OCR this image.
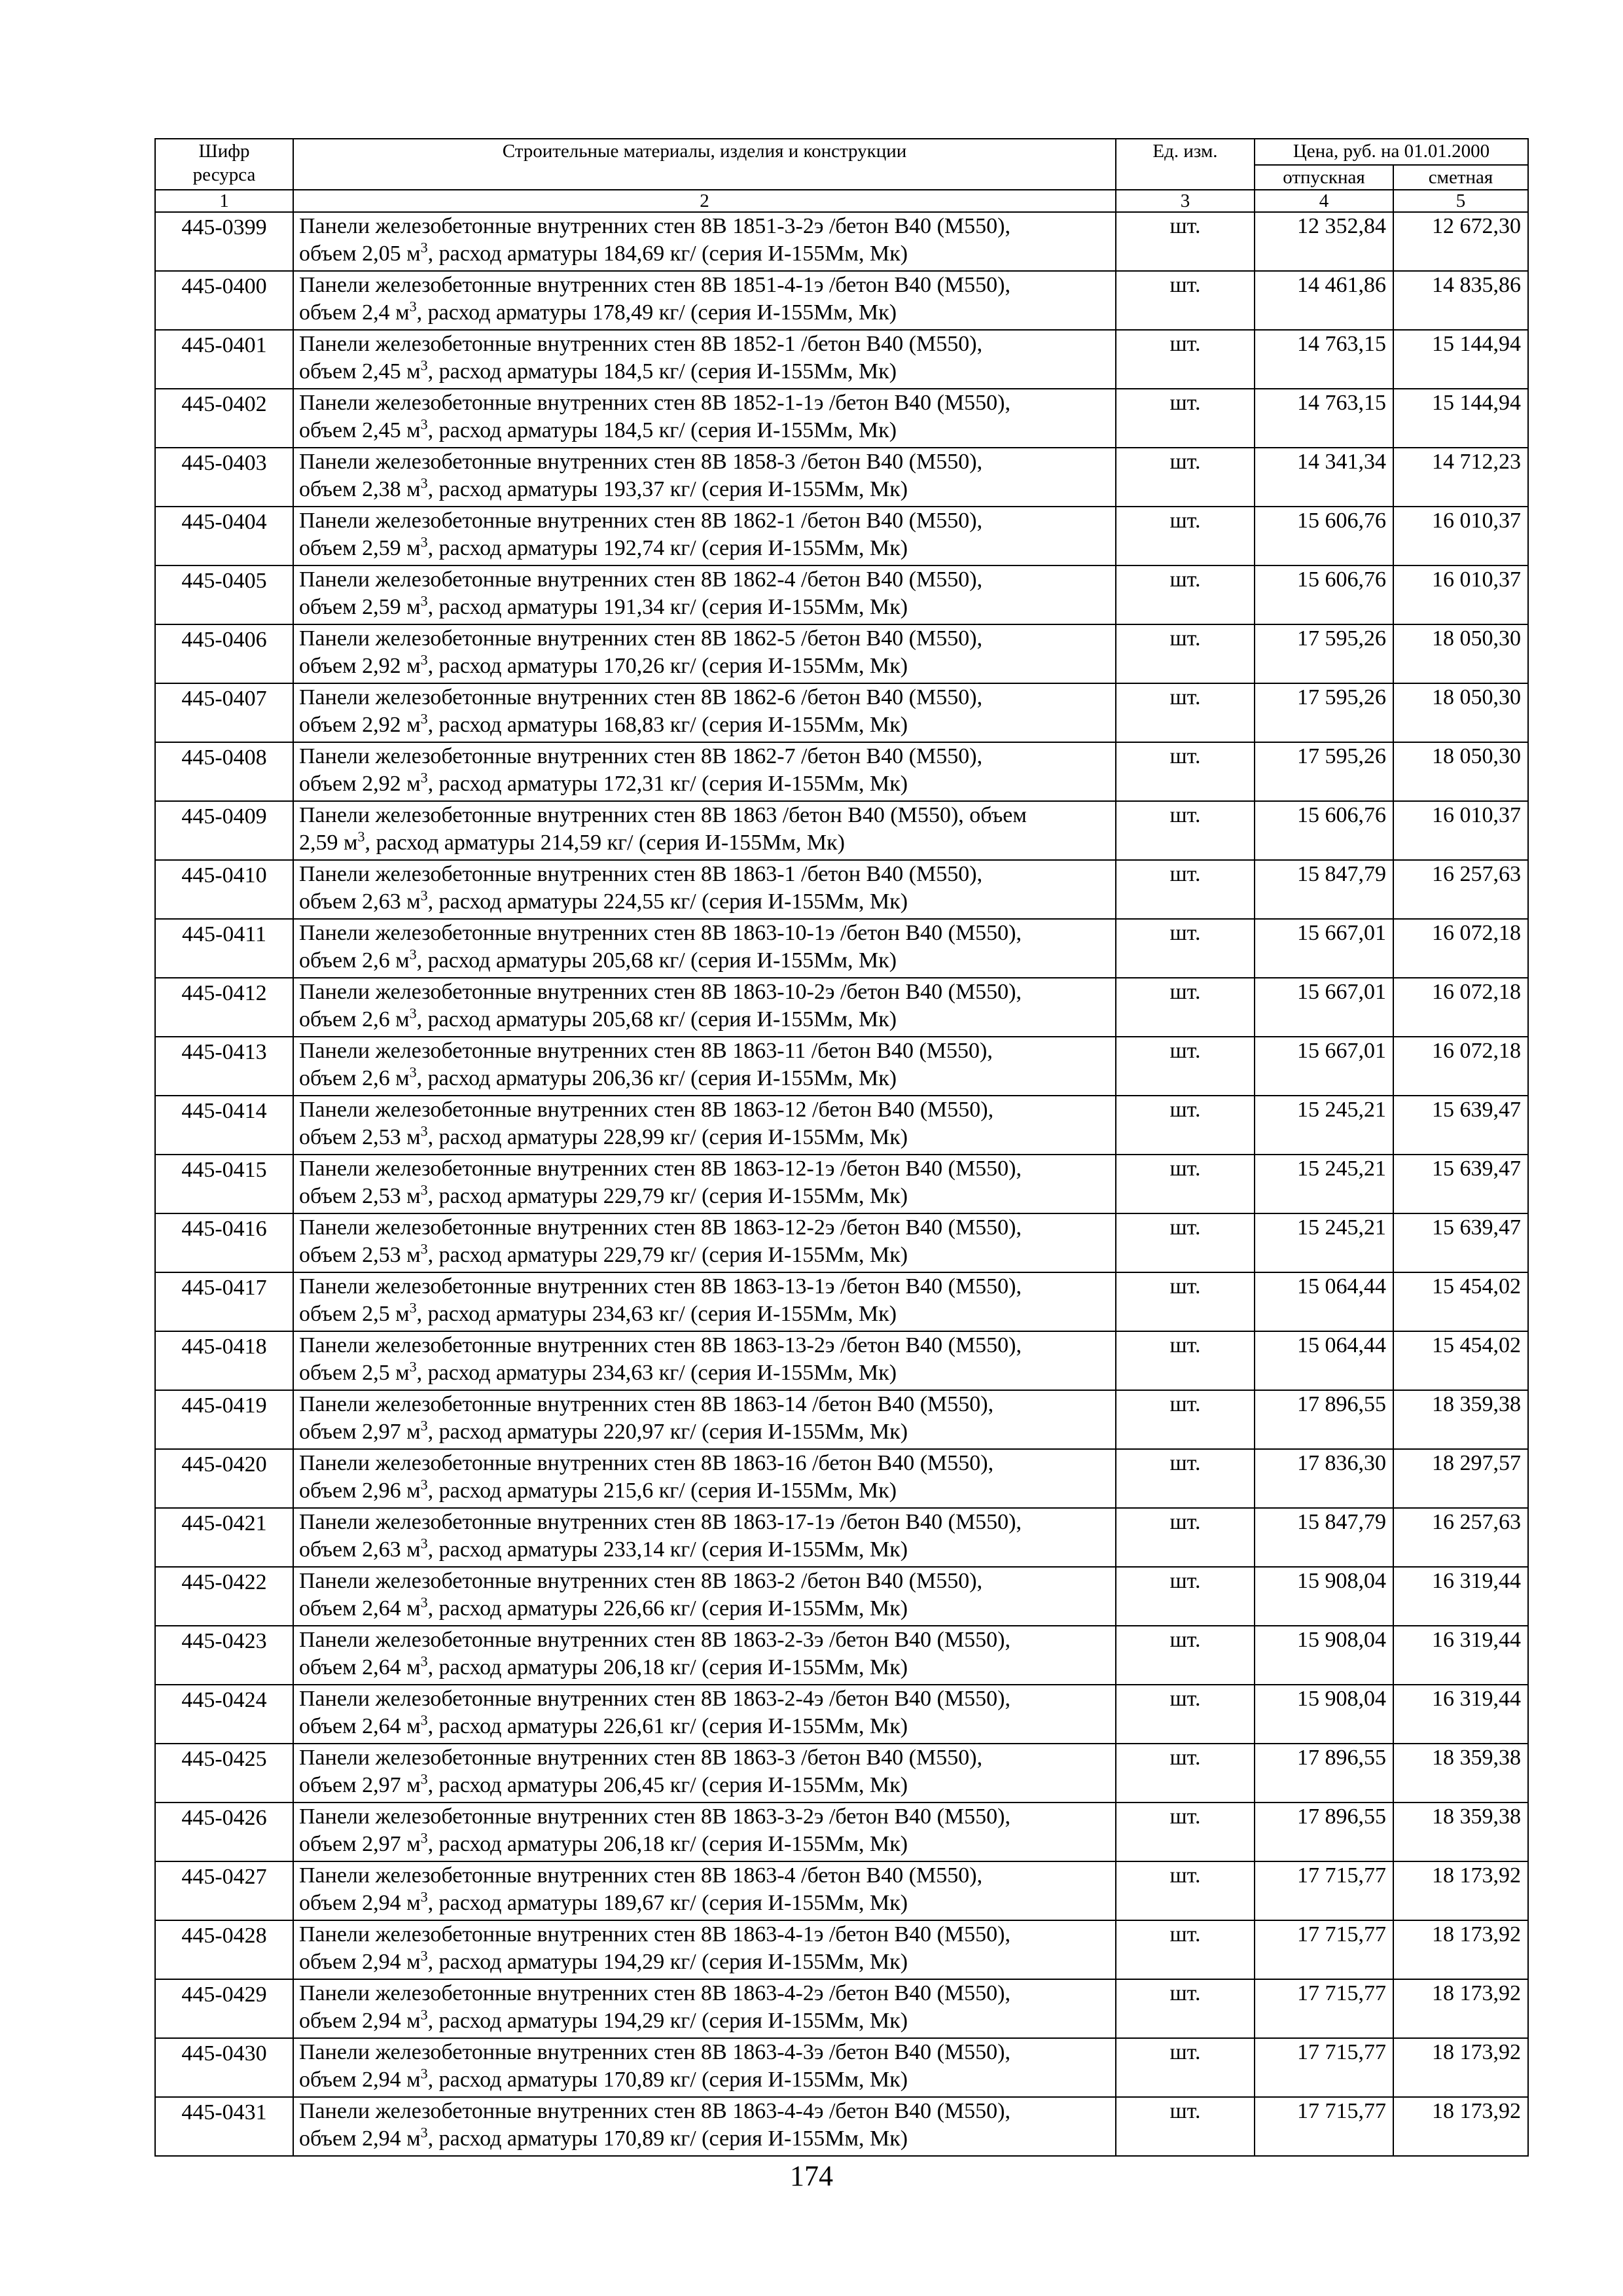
Шифр ресурса	Строительные материалы, изделия и конструкции	Ед. изм.	Цена, руб. на 01.01.2000	
			отпускная	сметная
1	2	3	4	5
445-0399	Панели железобетонные внутренних стен 8В 1851-3-2э /бетон В40 (М550),
объем 2,05 $м^3$, расход арматуры 184,69 кг/ (серия И-155Мм, Мк)	шт.	12 352,84	12 672,30
445-0400	Панели железобетонные внутренних стен 8В 1851-4-1э /бетон В40 (М550),
объем 2,4 $м^3$, расход арматуры 178,49 кг/ (серия И-155Мм, Мк)	шт.	14 461,86	14 835,86
445-0401	Панели железобетонные внутренних стен 8В 1852-1 /бетон В40 (М550),
объем 2,45 $м^3$, расход арматуры 184,5 кг/ (серия И-155Мм, Мк)	шт.	14 763,15	15 144,94
445-0402	Панели железобетонные внутренних стен 8В 1852-1-1э /бетон В40 (М550),
объем 2,45 $м^3$, расход арматуры 184,5 кг/ (серия И-155Мм, Мк)	шт.	14 763,15	15 144,94
445-0403	Панели железобетонные внутренних стен 8В 1858-3 /бетон В40 (М550),
объем 2,38 $м^3$, расход арматуры 193,37 кг/ (серия И-155Мм, Мк)	шт.	14 341,34	14 712,23
445-0404	Панели железобетонные внутренних стен 8В 1862-1 /бетон В40 (М550),
объем 2,59 $м^3$, расход арматуры 192,74 кг/ (серия И-155Мм, Мк)	шт.	15 606,76	16 010,37
445-0405	Панели железобетонные внутренних стен 8В 1862-4 /бетон В40 (М550),
объем 2,59 $м^3$, расход арматуры 191,34 кг/ (серия И-155Мм, Мк)	шт.	15 606,76	16 010,37
445-0406	Панели железобетонные внутренних стен 8В 1862-5 /бетон В40 (М550),
объем 2,92 $м^3$, расход арматуры 170,26 кг/ (серия И-155Мм, Мк)	шт.	17 595,26	18 050,30
445-0407	Панели железобетонные внутренних стен 8В 1862-6 /бетон В40 (М550),
объем 2,92 $м^3$, расход арматуры 168,83 кг/ (серия И-155Мм, Мк)	шт.	17 595,26	18 050,30
445-0408	Панели железобетонные внутренних стен 8В 1862-7 /бетон В40 (М550),
объем 2,92 $м^3$, расход арматуры 172,31 кг/ (серия И-155Мм, Мк)	шт.	17 595,26	18 050,30
445-0409	Панели железобетонные внутренних стен 8В 1863 /бетон В40 (М550), объем
2,59 $м^3$, расход арматуры 214,59 кг/ (серия И-155Мм, Мк)	шт.	15 606,76	16 010,37
445-0410	Панели железобетонные внутренних стен 8В 1863-1 /бетон В40 (М550),
объем 2,63 $м^3$, расход арматуры 224,55 кг/ (серия И-155Мм, Мк)	шт.	15 847,79	16 257,63
445-0411	Панели железобетонные внутренних стен 8В 1863-10-1э /бетон В40 (М550),
объем 2,6 $м^3$, расход арматуры 205,68 кг/ (серия И-155Мм, Мк)	шт.	15 667,01	16 072,18
445-0412	Панели железобетонные внутренних стен 8В 1863-10-2э /бетон В40 (М550),
объем 2,6 $м^3$, расход арматуры 205,68 кг/ (серия И-155Мм, Мк)	шт.	15 667,01	16 072,18
445-0413	Панели железобетонные внутренних стен 8В 1863-11 /бетон В40 (М550),
объем 2,6 $м^3$, расход арматуры 206,36 кг/ (серия И-155Мм, Мк)	шт.	15 667,01	16 072,18
445-0414	Панели железобетонные внутренних стен 8В 1863-12 /бетон В40 (М550),
объем 2,53 $м^3$, расход арматуры 228,99 кг/ (серия И-155Мм, Мк)	шт.	15 245,21	15 639,47
445-0415	Панели железобетонные внутренних стен 8В 1863-12-1э /бетон В40 (М550),
объем 2,53 $м^3$, расход арматуры 229,79 кг/ (серия И-155Мм, Мк)	шт.	15 245,21	15 639,47
445-0416	Панели железобетонные внутренних стен 8В 1863-12-2э /бетон В40 (М550),
объем 2,53 $м^3$, расход арматуры 229,79 кг/ (серия И-155Мм, Мк)	шт.	15 245,21	15 639,47
445-0417	Панели железобетонные внутренних стен 8В 1863-13-1э /бетон В40 (М550),
объем 2,5 $м^3$, расход арматуры 234,63 кг/ (серия И-155Мм, Мк)	шт.	15 064,44	15 454,02
445-0418	Панели железобетонные внутренних стен 8В 1863-13-2э /бетон В40 (М550),
объем 2,5 $м^3$, расход арматуры 234,63 кг/ (серия И-155Мм, Мк)	шт.	15 064,44	15 454,02
445-0419	Панели железобетонные внутренних стен 8В 1863-14 /бетон В40 (М550),
объем 2,97 $м^3$, расход арматуры 220,97 кг/ (серия И-155Мм, Мк)	шт.	17 896,55	18 359,38
445-0420	Панели железобетонные внутренних стен 8В 1863-16 /бетон В40 (М550),
объем 2,96 $м^3$, расход арматуры 215,6 кг/ (серия И-155Мм, Мк)	шт.	17 836,30	18 297,57
445-0421	Панели железобетонные внутренних стен 8В 1863-17-1э /бетон В40 (М550),
объем 2,63 $м^3$, расход арматуры 233,14 кг/ (серия И-155Мм, Мк)	шт.	15 847,79	16 257,63
445-0422	Панели железобетонные внутренних стен 8В 1863-2 /бетон В40 (М550),
объем 2,64 $м^3$, расход арматуры 226,66 кг/ (серия И-155Мм, Мк)	шт.	15 908,04	16 319,44
445-0423	Панели железобетонные внутренних стен 8В 1863-2-3э /бетон В40 (М550),
объем 2,64 $м^3$, расход арматуры 206,18 кг/ (серия И-155Мм, Мк)	шт.	15 908,04	16 319,44
445-0424	Панели железобетонные внутренних стен 8В 1863-2-4э /бетон В40 (М550),
объем 2,64 $м^3$, расход арматуры 226,61 кг/ (серия И-155Мм, Мк)	шт.	15 908,04	16 319,44
445-0425	Панели железобетонные внутренних стен 8В 1863-3 /бетон В40 (М550),
объем 2,97 $м^3$, расход арматуры 206,45 кг/ (серия И-155Мм, Мк)	шт.	17 896,55	18 359,38
445-0426	Панели железобетонные внутренних стен 8В 1863-3-2э /бетон В40 (М550),
объем 2,97 $м^3$, расход арматуры 206,18 кг/ (серия И-155Мм, Мк)	шт.	17 896,55	18 359,38
445-0427	Панели железобетонные внутренних стен 8В 1863-4 /бетон В40 (М550),
объем 2,94 $м^3$, расход арматуры 189,67 кг/ (серия И-155Мм, Мк)	шт.	17 715,77	18 173,92
445-0428	Панели железобетонные внутренних стен 8В 1863-4-1э /бетон В40 (М550),
объем 2,94 $м^3$, расход арматуры 194,29 кг/ (серия И-155Мм, Мк)	шт.	17 715,77	18 173,92
445-0429	Панели железобетонные внутренних стен 8В 1863-4-2э /бетон В40 (М550),
объем 2,94 $м^3$, расход арматуры 194,29 кг/ (серия И-155Мм, Мк)	шт.	17 715,77	18 173,92
445-0430	Панели железобетонные внутренних стен 8В 1863-4-3э /бетон В40 (М550),
объем 2,94 $м^3$, расход арматуры 170,89 кг/ (серия И-155Мм, Мк)	шт.	17 715,77	18 173,92
445-0431	Панели железобетонные внутренних стен 8В 1863-4-4э /бетон В40 (М550),
объем 2,94 $м^3$, расход арматуры 170,89 кг/ (серия И-155Мм, Мк)	шт.	17 715,77	18 173,92
174
